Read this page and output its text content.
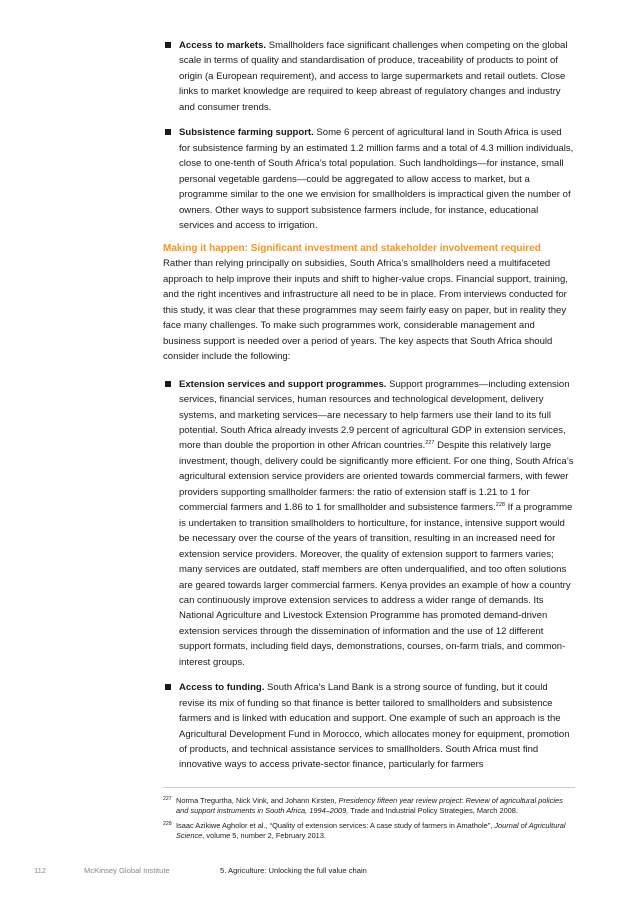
Access to markets. Smallholders face significant challenges when competing on the global scale in terms of quality and standardisation of produce, traceability of products to point of origin (a European requirement), and access to large supermarkets and retail outlets. Close links to market knowledge are required to keep abreast of regulatory changes and industry and consumer trends.

Subsistence farming support. Some 6 percent of agricultural land in South Africa is used for subsistence farming by an estimated 1.2 million farms and a total of 4.3 million individuals, close to one-tenth of South Africa’s total population. Such landholdings—for instance, small personal vegetable gardens—could be aggregated to allow access to market, but a programme similar to the one we envision for smallholders is impractical given the number of owners. Other ways to support subsistence farmers include, for instance, educational services and access to irrigation.

Making it happen: Significant investment and stakeholder involvement required

Rather than relying principally on subsidies, South Africa’s smallholders need a multifaceted approach to help improve their inputs and shift to higher-value crops. Financial support, training, and the right incentives and infrastructure all need to be in place. From interviews conducted for this study, it was clear that these programmes may seem fairly easy on paper, but in reality they face many challenges. To make such programmes work, considerable management and business support is needed over a period of years. The key aspects that South Africa should consider include the following:

Extension services and support programmes. Support programmes—including extension services, financial services, human resources and technological development, delivery systems, and marketing services—are necessary to help farmers use their land to its full potential. South Africa already invests 2.9 percent of agricultural GDP in extension services, more than double the proportion in other African countries.$^{227}$ Despite this relatively large investment, though, delivery could be significantly more efficient. For one thing, South Africa’s agricultural extension service providers are oriented towards commercial farmers, with fewer providers supporting smallholder farmers: the ratio of extension staff is 1.21 to 1 for commercial farmers and 1.86 to 1 for smallholder and subsistence farmers.$^{228}$ If a programme is undertaken to transition smallholders to horticulture, for instance, intensive support would be necessary over the course of the years of transition, resulting in an increased need for extension service providers. Moreover, the quality of extension support to farmers varies; many services are outdated, staff members are often underqualified, and too often solutions are geared towards larger commercial farmers. Kenya provides an example of how a country can continuously improve extension services to address a wider range of demands. Its National Agriculture and Livestock Extension Programme has promoted demand-driven extension services through the dissemination of information and the use of 12 different support formats, including field days, demonstrations, courses, on-farm trials, and common-interest groups.

Access to funding. South Africa’s Land Bank is a strong source of funding, but it could revise its mix of funding so that finance is better tailored to smallholders and subsistence farmers and is linked with education and support. One example of such an approach is the Agricultural Development Fund in Morocco, which allocates money for equipment, promotion of products, and technical assistance services to smallholders. South Africa must find innovative ways to access private-sector finance, particularly for farmers

227 Norma Tregurtha, Nick Vink, and Johann Kirsten, Presidency fifteen year review project: Review of agricultural policies and support instruments in South Africa, 1994–2009, Trade and Industrial Policy Strategies, March 2008.
228 Isaac Azikiwe Agholor et al., “Quality of extension services: A case study of farmers in Amathole”, Journal of Agricultural Science, volume 5, number 2, February 2013.
112	McKinsey Global Institute	5. Agriculture: Unlocking the full value chain
